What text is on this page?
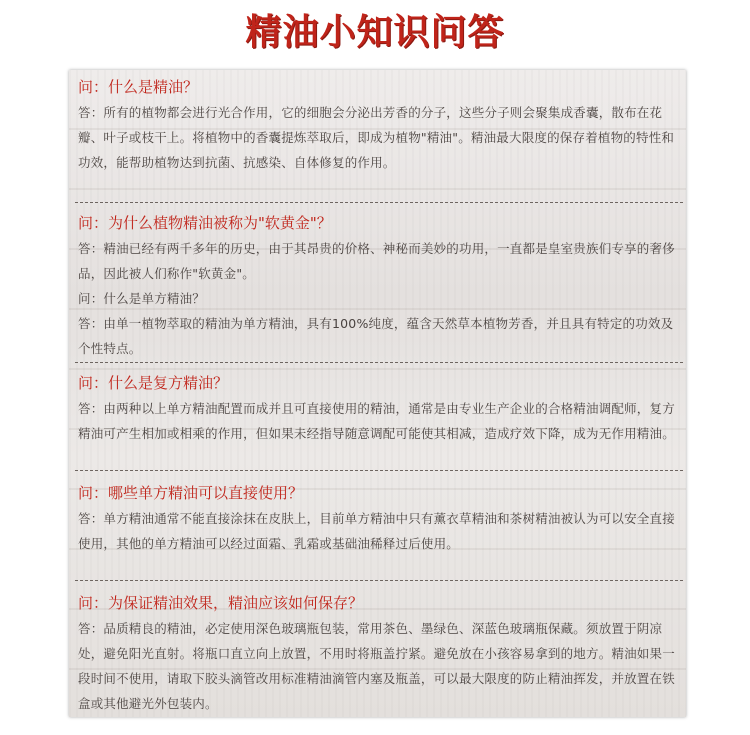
精油小知识问答

问：什么是精油？

答：所有的植物都会进行光合作用，它的细胞会分泌出芳香的分子，这些分子则会聚集成香囊，散布在花瓣、叶子或枝干上。将植物中的香囊提炼萃取后，即成为植物"精油"。精油最大限度的保存着植物的特性和功效，能帮助植物达到抗菌、抗感染、自体修复的作用。

问：为什么植物精油被称为"软黄金"？

答：精油已经有两千多年的历史，由于其昂贵的价格、神秘而美妙的功用，一直都是皇室贵族们专享的奢侈品，因此被人们称作"软黄金"。

问：什么是单方精油？

答：由单一植物萃取的精油为单方精油，具有100%纯度，蕴含天然草本植物芳香，并且具有特定的功效及个性特点。

问：什么是复方精油？

答：由两种以上单方精油配置而成并且可直接使用的精油，通常是由专业生产企业的合格精油调配师，复方精油可产生相加或相乘的作用，但如果未经指导随意调配可能使其相减，造成疗效下降，成为无作用精油。

问：哪些单方精油可以直接使用？

答：单方精油通常不能直接涂抹在皮肤上，目前单方精油中只有薰衣草精油和茶树精油被认为可以安全直接使用，其他的单方精油可以经过面霜、乳霜或基础油稀释过后使用。

问：为保证精油效果，精油应该如何保存？

答：品质精良的精油，必定使用深色玻璃瓶包装，常用茶色、墨绿色、深蓝色玻璃瓶保藏。须放置于阴凉处，避免阳光直射。将瓶口直立向上放置，不用时将瓶盖拧紧。避免放在小孩容易拿到的地方。精油如果一段时间不使用，请取下胶头滴管改用标准精油滴管内塞及瓶盖，可以最大限度的防止精油挥发，并放置在铁盒或其他避光外包装内。
